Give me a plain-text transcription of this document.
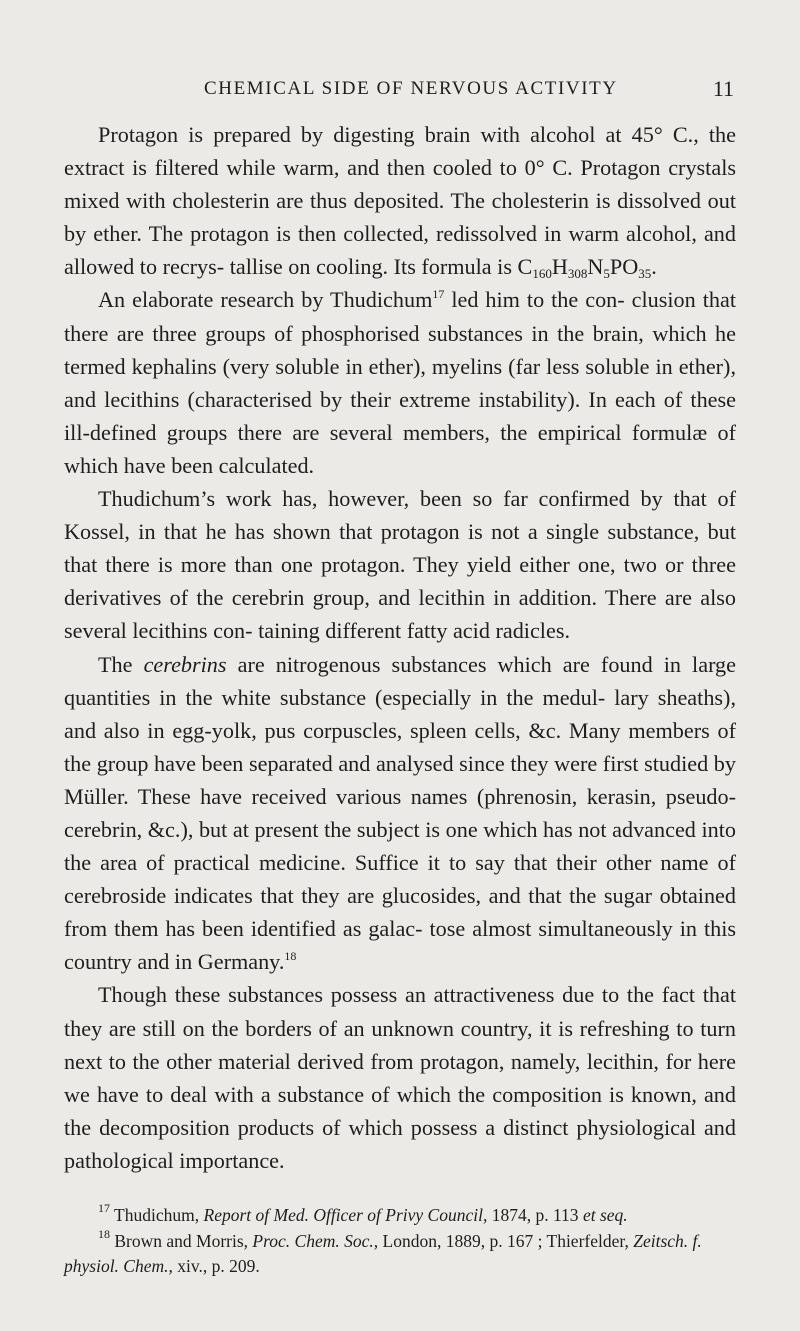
CHEMICAL SIDE OF NERVOUS ACTIVITY	11

Protagon is prepared by digesting brain with alcohol at 45° C., the extract is filtered while warm, and then cooled to 0° C. Protagon crystals mixed with cholesterin are thus deposited. The cholesterin is dissolved out by ether. The protagon is then collected, redissolved in warm alcohol, and allowed to recrys- tallise on cooling. Its formula is $C_{160}H_{308}N_5PO_{35}$.

An elaborate research by Thudichum$^{17}$ led him to the con- clusion that there are three groups of phosphorised substances in the brain, which he termed kephalins (very soluble in ether), myelins (far less soluble in ether), and lecithins (characterised by their extreme instability). In each of these ill-defined groups there are several members, the empirical formulæ of which have been calculated.

Thudichum’s work has, however, been so far confirmed by that of Kossel, in that he has shown that protagon is not a single substance, but that there is more than one protagon. They yield either one, two or three derivatives of the cerebrin group, and lecithin in addition. There are also several lecithins con- taining different fatty acid radicles.

The cerebrins are nitrogenous substances which are found in large quantities in the white substance (especially in the medul- lary sheaths), and also in egg-yolk, pus corpuscles, spleen cells, &c. Many members of the group have been separated and analysed since they were first studied by Müller. These have received various names (phrenosin, kerasin, pseudo-cerebrin, &c.), but at present the subject is one which has not advanced into the area of practical medicine. Suffice it to say that their other name of cerebroside indicates that they are glucosides, and that the sugar obtained from them has been identified as galac- tose almost simultaneously in this country and in Germany.$^{18}$

Though these substances possess an attractiveness due to the fact that they are still on the borders of an unknown country, it is refreshing to turn next to the other material derived from protagon, namely, lecithin, for here we have to deal with a substance of which the composition is known, and the decomposition products of which possess a distinct physiological and pathological importance.

$^{17}$ Thudichum, Report of Med. Officer of Privy Council, 1874, p. 113 et seq.

$^{18}$ Brown and Morris, Proc. Chem. Soc., London, 1889, p. 167 ; Thierfelder, Zeitsch. f. physiol. Chem., xiv., p. 209.
